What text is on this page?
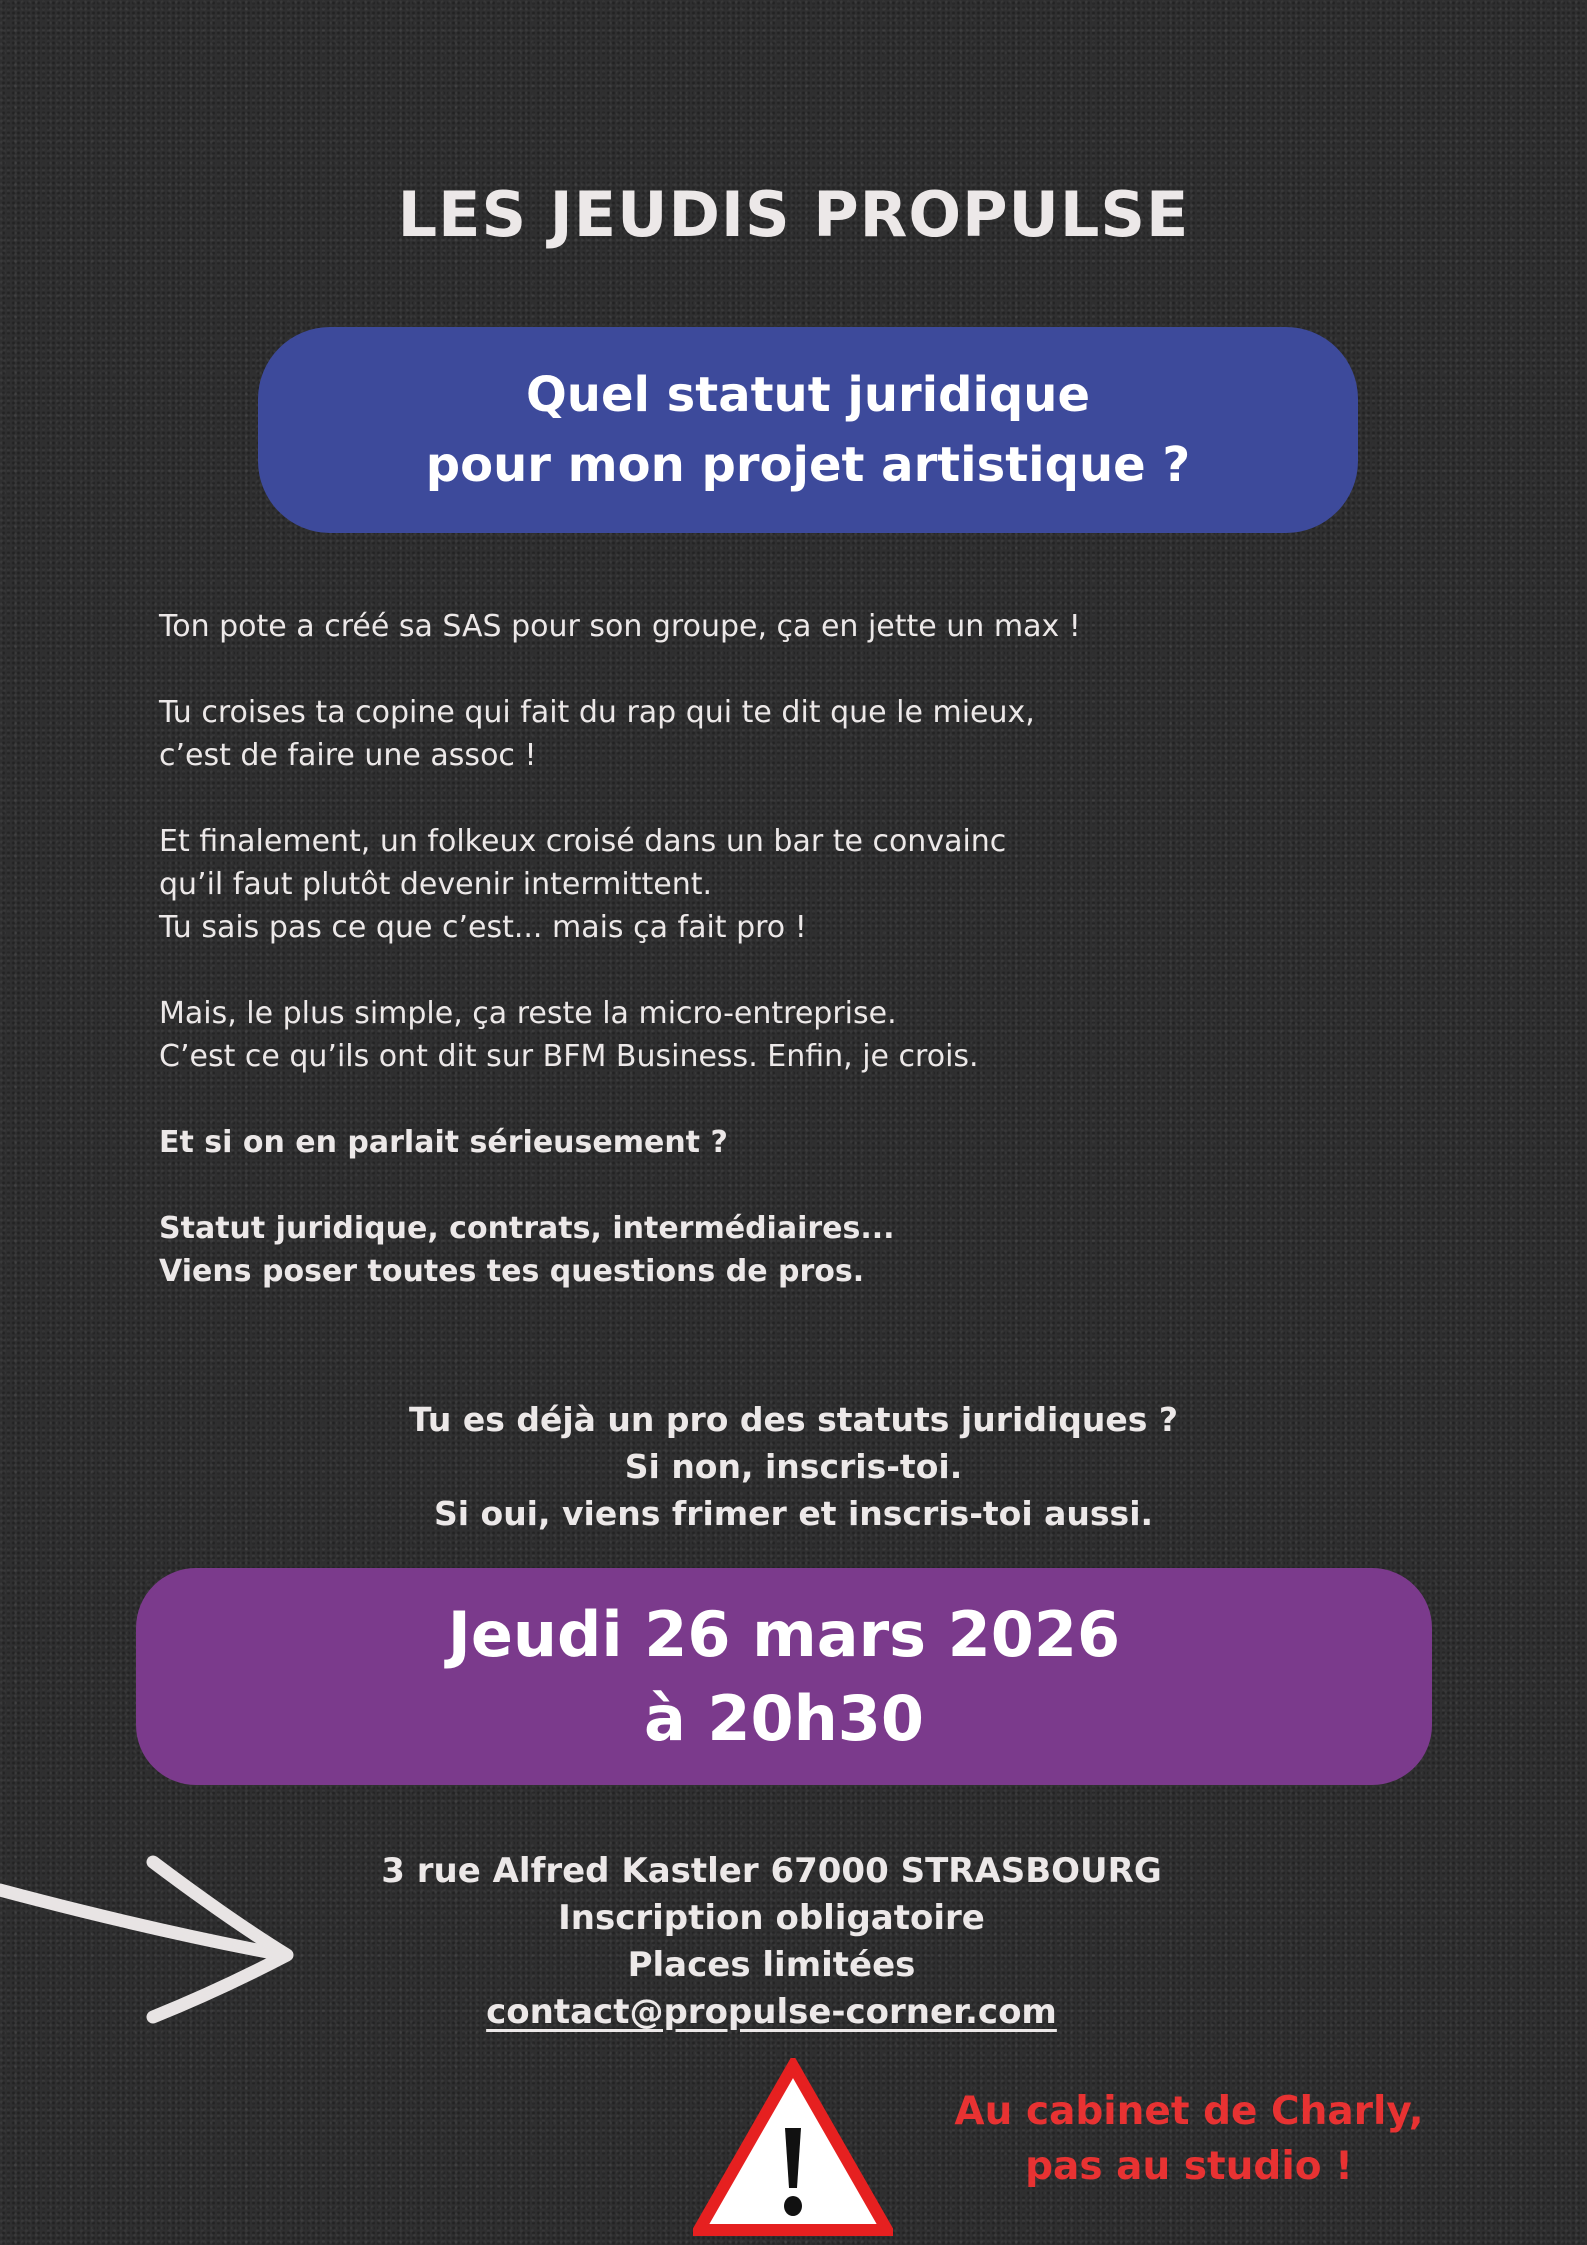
LES JEUDIS PROPULSE
Quel statut juridique
pour mon projet artistique ?

Ton pote a créé sa SAS pour son groupe, ça en jette un max !

Tu croises ta copine qui fait du rap qui te dit que le mieux,
c’est de faire une assoc !

Et finalement, un folkeux croisé dans un bar te convainc
qu’il faut plutôt devenir intermittent.
Tu sais pas ce que c’est... mais ça fait pro !

Mais, le plus simple, ça reste la micro-entreprise.
C’est ce qu’ils ont dit sur BFM Business. Enfin, je crois.

Et si on en parlait sérieusement ?

Statut juridique, contrats, intermédiaires...
Viens poser toutes tes questions de pros.

Tu es déjà un pro des statuts juridiques ?
Si non, inscris-toi.
Si oui, viens frimer et inscris-toi aussi.
Jeudi 26 mars 2026
à 20h30
3 rue Alfred Kastler 67000 STRASBOURG
Inscription obligatoire
Places limitées
contact@propulse-corner.com
Au cabinet de Charly,
pas au studio !
